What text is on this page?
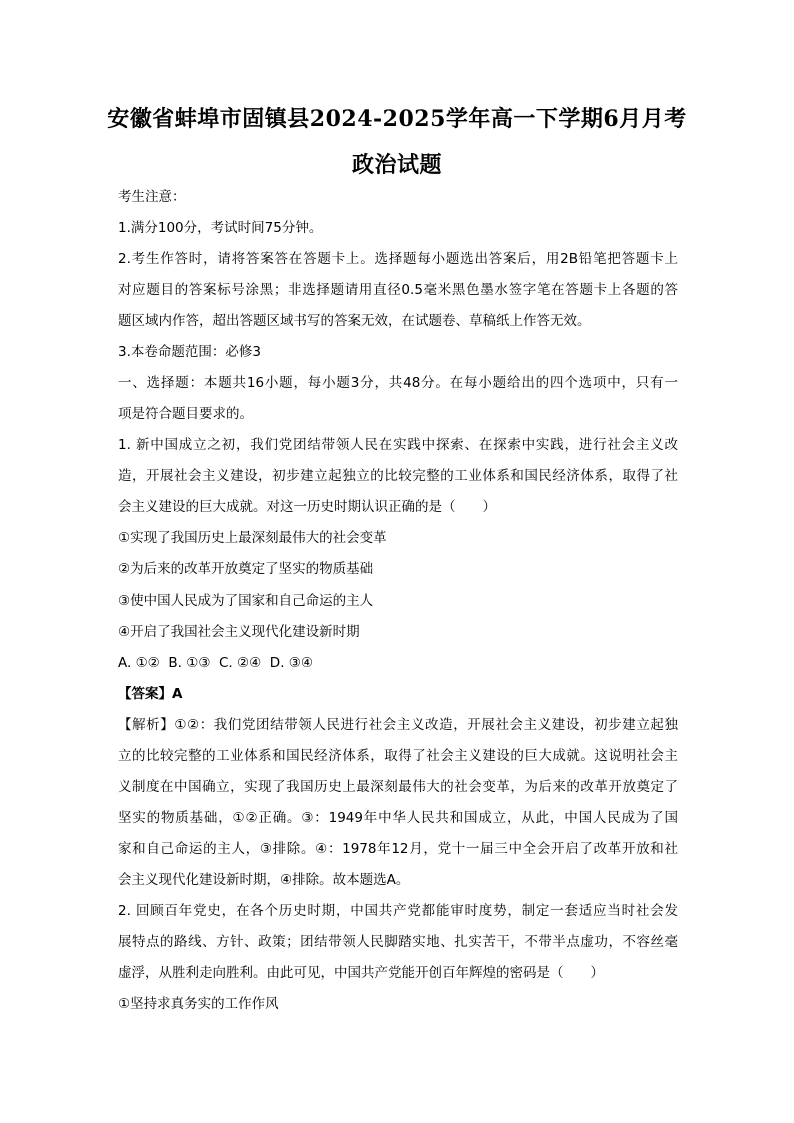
安徽省蚌埠市固镇县2024-2025学年高一下学期6月月考
政治试题
考生注意：
1.满分100分，考试时间75分钟。
2.考生作答时，请将答案答在答题卡上。选择题每小题选出答案后，用2B铅笔把答题卡上
对应题目的答案标号涂黑；非选择题请用直径0.5毫米黑色墨水签字笔在答题卡上各题的答
题区域内作答，超出答题区域书写的答案无效，在试题卷、草稿纸上作答无效。
3.本卷命题范围：必修3
一、选择题：本题共16小题，每小题3分，共48分。在每小题给出的四个选项中，只有一
项是符合题目要求的。
1. 新中国成立之初，我们党团结带领人民在实践中探索、在探索中实践，进行社会主义改
造，开展社会主义建设，初步建立起独立的比较完整的工业体系和国民经济体系，取得了社
会主义建设的巨大成就。对这一历史时期认识正确的是（　　）
①实现了我国历史上最深刻最伟大的社会变革
②为后来的改革开放奠定了坚实的物质基础
③使中国人民成为了国家和自己命运的主人
④开启了我国社会主义现代化建设新时期
A. ①②  B. ①③  C. ②④  D. ③④
【答案】A
【解析】①②：我们党团结带领人民进行社会主义改造，开展社会主义建设，初步建立起独
立的比较完整的工业体系和国民经济体系，取得了社会主义建设的巨大成就。这说明社会主
义制度在中国确立，实现了我国历史上最深刻最伟大的社会变革，为后来的改革开放奠定了
坚实的物质基础，①②正确。③：1949年中华人民共和国成立，从此，中国人民成为了国
家和自己命运的主人，③排除。④：1978年12月，党十一届三中全会开启了改革开放和社
会主义现代化建设新时期，④排除。故本题选A。
2. 回顾百年党史，在各个历史时期，中国共产党都能审时度势，制定一套适应当时社会发
展特点的路线、方针、政策；团结带领人民脚踏实地、扎实苦干，不带半点虚功，不容丝毫
虚浮，从胜利走向胜利。由此可见，中国共产党能开创百年辉煌的密码是（　　）
①坚持求真务实的工作作风
